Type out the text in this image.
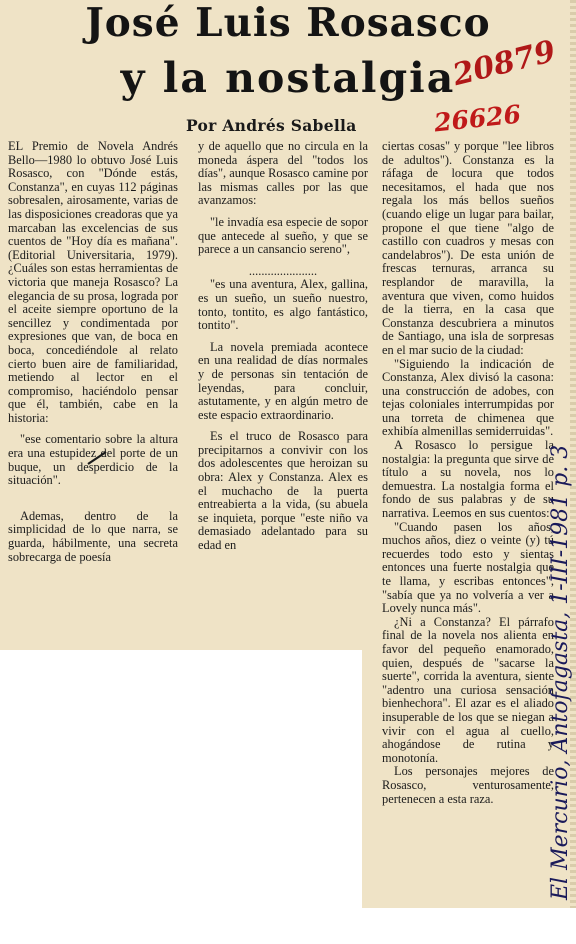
José Luis Rosasco
y la nostalgia
Por Andrés Sabella
20879
26626

EL Premio de Novela Andrés Bello—1980 lo obtuvo José Luis Rosasco, con "Dónde estás, Constanza", en cuyas 112 páginas sobresalen, airosamente, varias de las disposiciones creadoras que ya marcaban las excelencias de sus cuentos de "Hoy día es mañana". (Editorial Universitaria, 1979). ¿Cuáles son estas herramientas de victoria que maneja Rosasco? La elegancia de su prosa, lograda por el aceite siempre oportuno de la sencillez y condimentada por expresiones que van, de boca en boca, concediéndole al relato cierto buen aire de familiaridad, metiendo al lector en el compromiso, haciéndolo pensar que él, también, cabe en la historia:

"ese comentario sobre la altura era una estupidez del porte de un buque, un desperdicio de la situación".

Ademas, dentro de la simplicidad de lo que narra, se guarda, hábilmente, una secreta sobrecarga de poesía

y de aquello que no circula en la moneda áspera del "todos los días", aunque Rosasco camine por las mismas calles por las que avanzamos:

"le invadía esa especie de sopor que antecede al sueño, y que se parece a un cansancio sereno",

......................

"es una aventura, Alex, gallina, es un sueño, un sueño nuestro, tonto, tontito, es algo fantástico, tontito".

La novela premiada acontece en una realidad de días normales y de personas sin tentación de leyendas, para concluir, astutamente, y en algún metro de este espacio extraordinario.

Es el truco de Rosasco para precipitarnos a convivir con los dos adolescentes que heroizan su obra: Alex y Constanza. Alex es el muchacho de la puerta entreabierta a la vida, (su abuela se inquieta, porque "este niño va demasiado adelantado para su edad en

ciertas cosas" y porque "lee libros de adultos"). Constanza es la ráfaga de locura que todos necesitamos, el hada que nos regala los más bellos sueños (cuando elige un lugar para bailar, propone el que tiene "algo de castillo con cuadros y mesas con candelabros"). De esta unión de frescas ternuras, arranca su resplandor de maravilla, la aventura que viven, como huidos de la tierra, en la casa que Constanza descubriera a minutos de Santiago, una isla de sorpresas en el mar sucio de la ciudad:

"Siguiendo la indicación de Constanza, Alex divisó la casona: una construcción de adobes, con tejas coloniales interrumpidas por una torreta de chimenea que exhibía almenillas semiderruidas".

A Rosasco lo persigue la nostalgia: la pregunta que sirve de título a su novela, nos lo demuestra. La nostalgia forma el fondo de sus palabras y de su narrativa. Leemos en sus cuentos:

"Cuando pasen los años, muchos años, diez o veinte (y) tú recuerdes todo esto y sientas entonces una fuerte nostalgia que te llama, y escribas entonces", "sabía que ya no volvería a ver a Lovely nunca más".

¿Ni a Constanza? El párrafo final de la novela nos alienta en favor del pequeño enamorado, quien, después de "sacarse la suerte", corrida la aventura, siente "adentro una curiosa sensación bienhechora". El azar es el aliado insuperable de los que se niegan a vivir con el agua al cuello, ahogándose de rutina y monotonía.

Los personajes mejores de Rosasco, venturosamente, pertenecen a esta raza.	El Mercurio, Antofagasta, 1-III-1981 p. 3
